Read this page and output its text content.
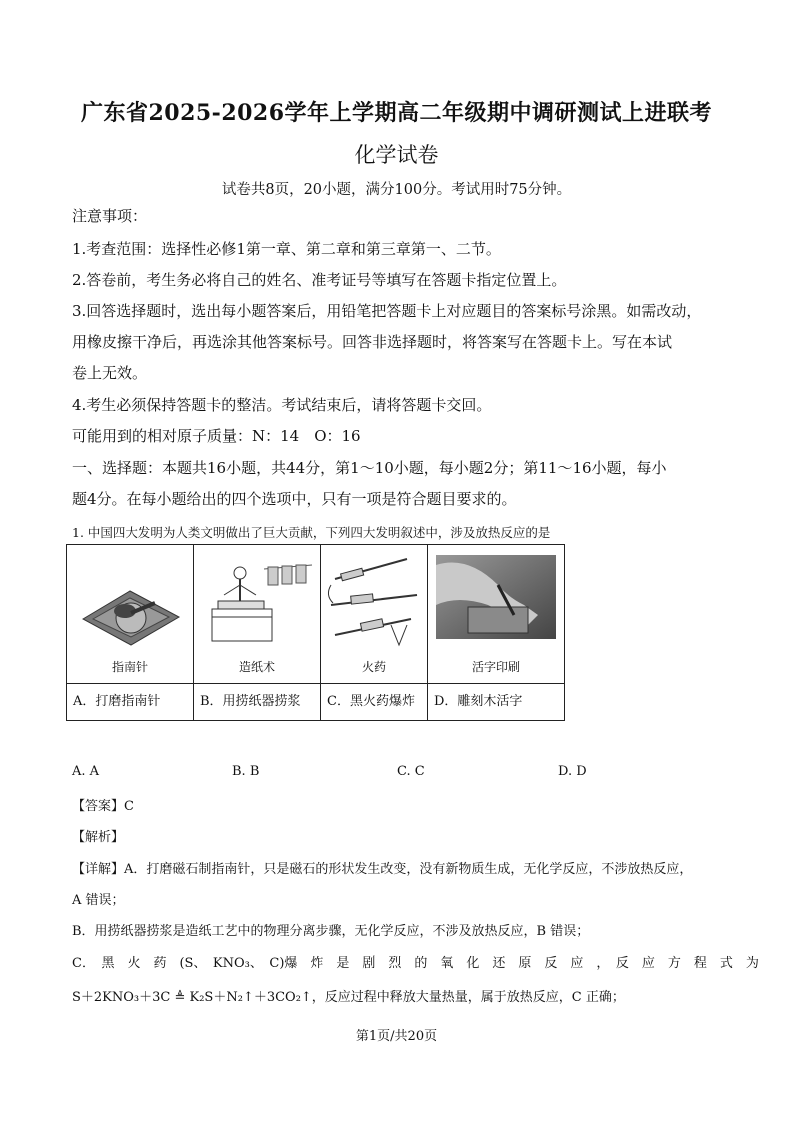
广东省2025-2026学年上学期高二年级期中调研测试上进联考
化学试卷
试卷共8页，20小题，满分100分。考试用时75分钟。
注意事项：
1.考查范围：选择性必修1第一章、第二章和第三章第一、二节。
2.答卷前，考生务必将自己的姓名、准考证号等填写在答题卡指定位置上。
3.回答选择题时，选出每小题答案后，用铅笔把答题卡上对应题目的答案标号涂黑。如需改动，
用橡皮擦干净后，再选涂其他答案标号。回答非选择题时，将答案写在答题卡上。写在本试
卷上无效。
4.考生必须保持答题卡的整洁。考试结束后，请将答题卡交回。
可能用到的相对原子质量：N：14　O：16
一、选择题：本题共16小题，共44分，第1～10小题，每小题2分；第11～16小题，每小
题4分。在每小题给出的四个选项中，只有一项是符合题目要求的。
1. 中国四大发明为人类文明做出了巨大贡献，下列四大发明叙述中，涉及放热反应的是
指南针	造纸术	火药	活字印刷

A．打磨指南针	B．用捞纸器捞浆	C．黑火药爆炸	D．雕刻木活字
A. A	B. B	C. C	D. D
【答案】C
【解析】
【详解】A．打磨磁石制指南针，只是磁石的形状发生改变，没有新物质生成，无化学反应，不涉放热反应，
A 错误；
B．用捞纸器捞浆是造纸工艺中的物理分离步骤，无化学反应，不涉及放热反应，B 错误；
C．　黑　火　药　(S、　KNO₃、　C)爆　炸　是　剧　烈　的　氧　化　还　原　反　应　，　反　应　方　程　式　为
S＋2KNO₃＋3C ≜ K₂S＋N₂↑＋3CO₂↑，反应过程中释放大量热量，属于放热反应，C 正确；
第1页/共20页
